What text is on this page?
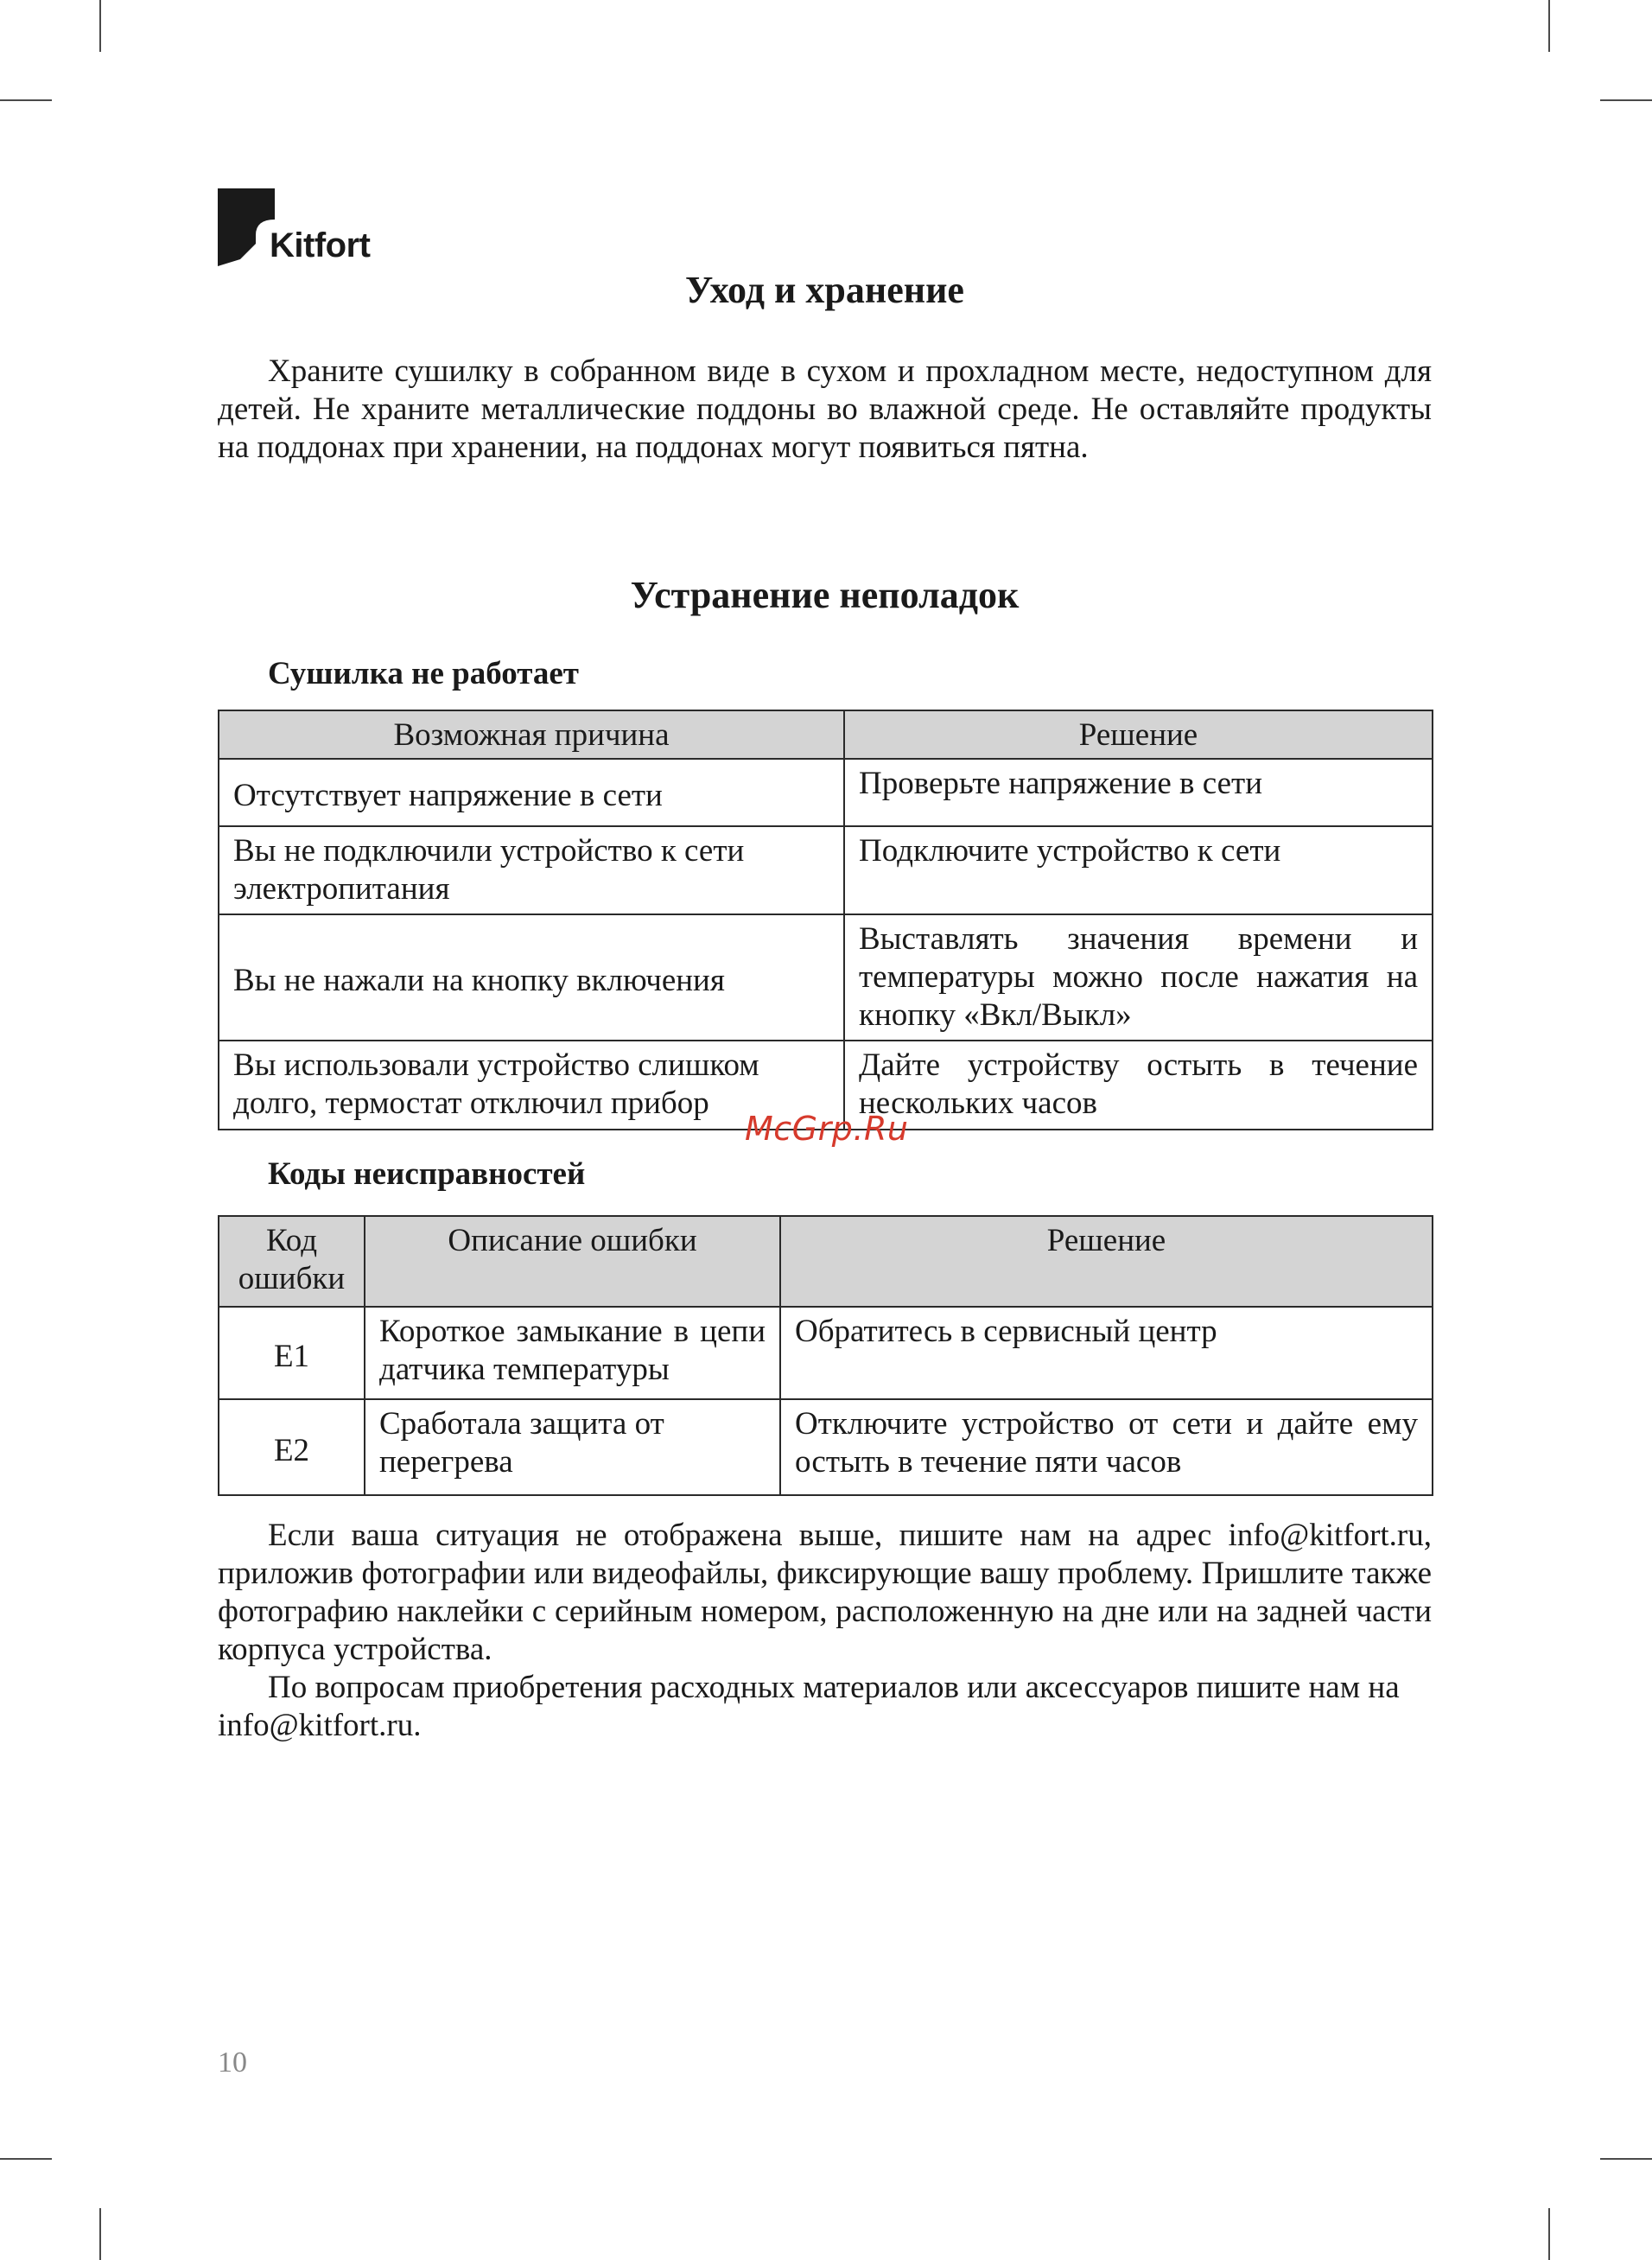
Kitfort
Уход и хранение
Храните сушилку в собранном виде в сухом и прохладном месте, недоступном для детей. Не храните металлические поддоны во влажной среде. Не оставляйте продукты на поддонах при хранении, на поддонах могут появиться пятна.
Устранение неполадок
Сушилка не работает
Возможная причина	Решение
Отсутствует напряжение в сети	Проверьте напряжение в сети
Вы не подключили устройство к сети электропитания	Подключите устройство к сети
Вы не нажали на кнопку включения	Выставлять значения времени и температуры можно после нажатия на кнопку «Вкл/Выкл»
Вы использовали устройство слишком долго, термостат отключил прибор	Дайте устройству остыть в течение нескольких часов
McGrp.Ru
Коды неисправностей
Код ошибки	Описание ошибки	Решение
E1	Короткое замыкание в цепи датчика температуры	Обратитесь в сервисный центр
E2	Сработала защита от перегрева	Отключите устройство от сети и дайте ему остыть в течение пяти часов
Если ваша ситуация не отображена выше, пишите нам на адрес info@kitfort.ru, приложив фотографии или видеофайлы, фиксирующие вашу проблему. Пришлите также фотографию наклейки с серийным номером, расположенную на дне или на задней части корпуса устройства.
По вопросам приобретения расходных материалов или аксессуаров пишите нам на info@kitfort.ru.
10
